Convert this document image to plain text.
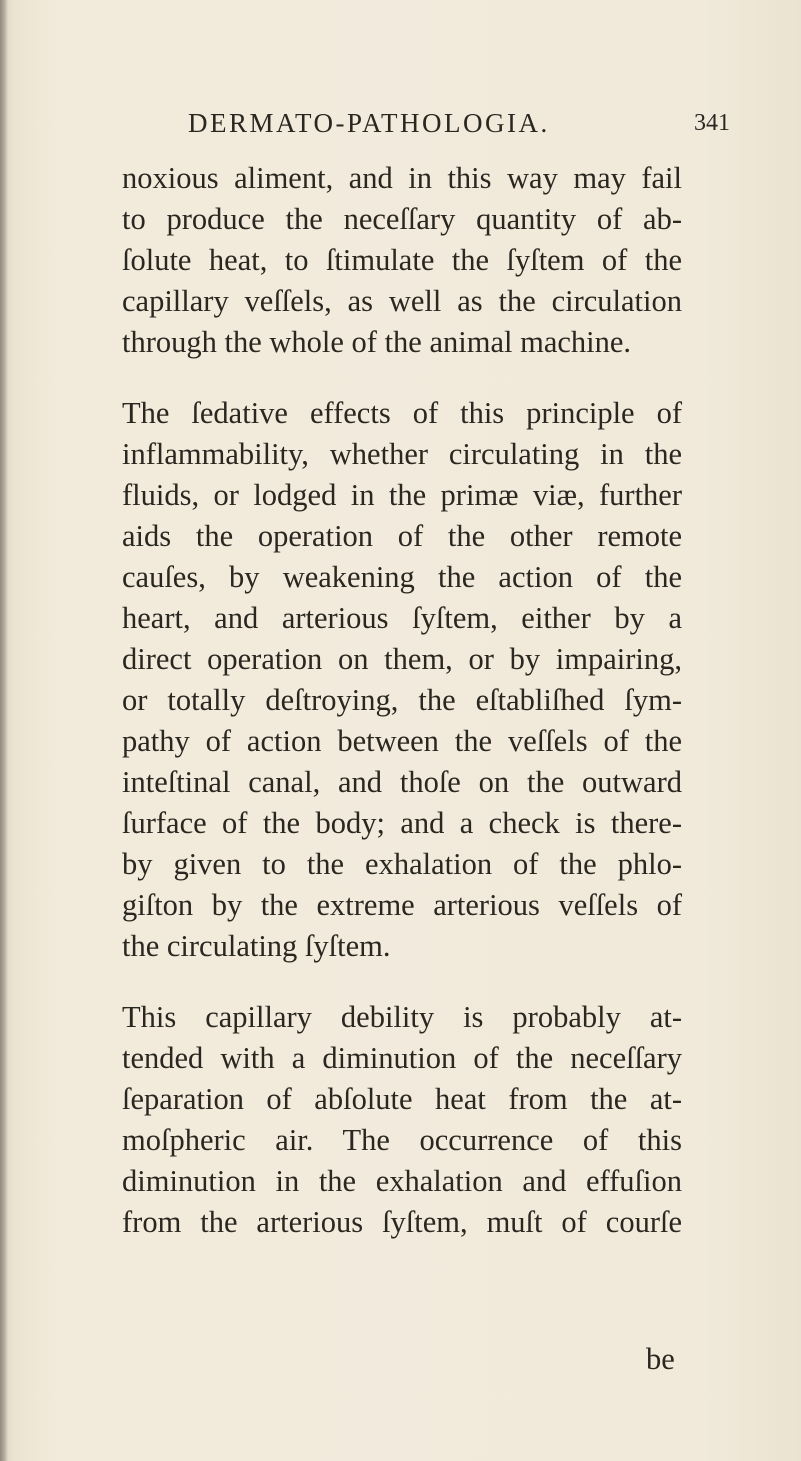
DERMATO-PATHOLOGIA.	341
noxious aliment, and in this way may fail
to produce the neceſſary quantity of ab-
ſolute heat, to ſtimulate the ſyſtem of the
capillary veſſels, as well as the circulation
through the whole of the animal machine.
The ſedative effects of this principle of
inflammability, whether circulating in the
fluids, or lodged in the primæ viæ, further
aids the operation of the other remote
cauſes, by weakening the action of the
heart, and arterious ſyſtem, either by a
direct operation on them, or by impairing,
or totally deſtroying, the eſtabliſhed ſym-
pathy of action between the veſſels of the
inteſtinal canal, and thoſe on the outward
ſurface of the body; and a check is there-
by given to the exhalation of the phlo-
giſton by the extreme arterious veſſels of
the circulating ſyſtem.
This capillary debility is probably at-
tended with a diminution of the neceſſary
ſeparation of abſolute heat from the at-
moſpheric air. The occurrence of this
diminution in the exhalation and effuſion
from the arterious ſyſtem, muſt of courſe
be
